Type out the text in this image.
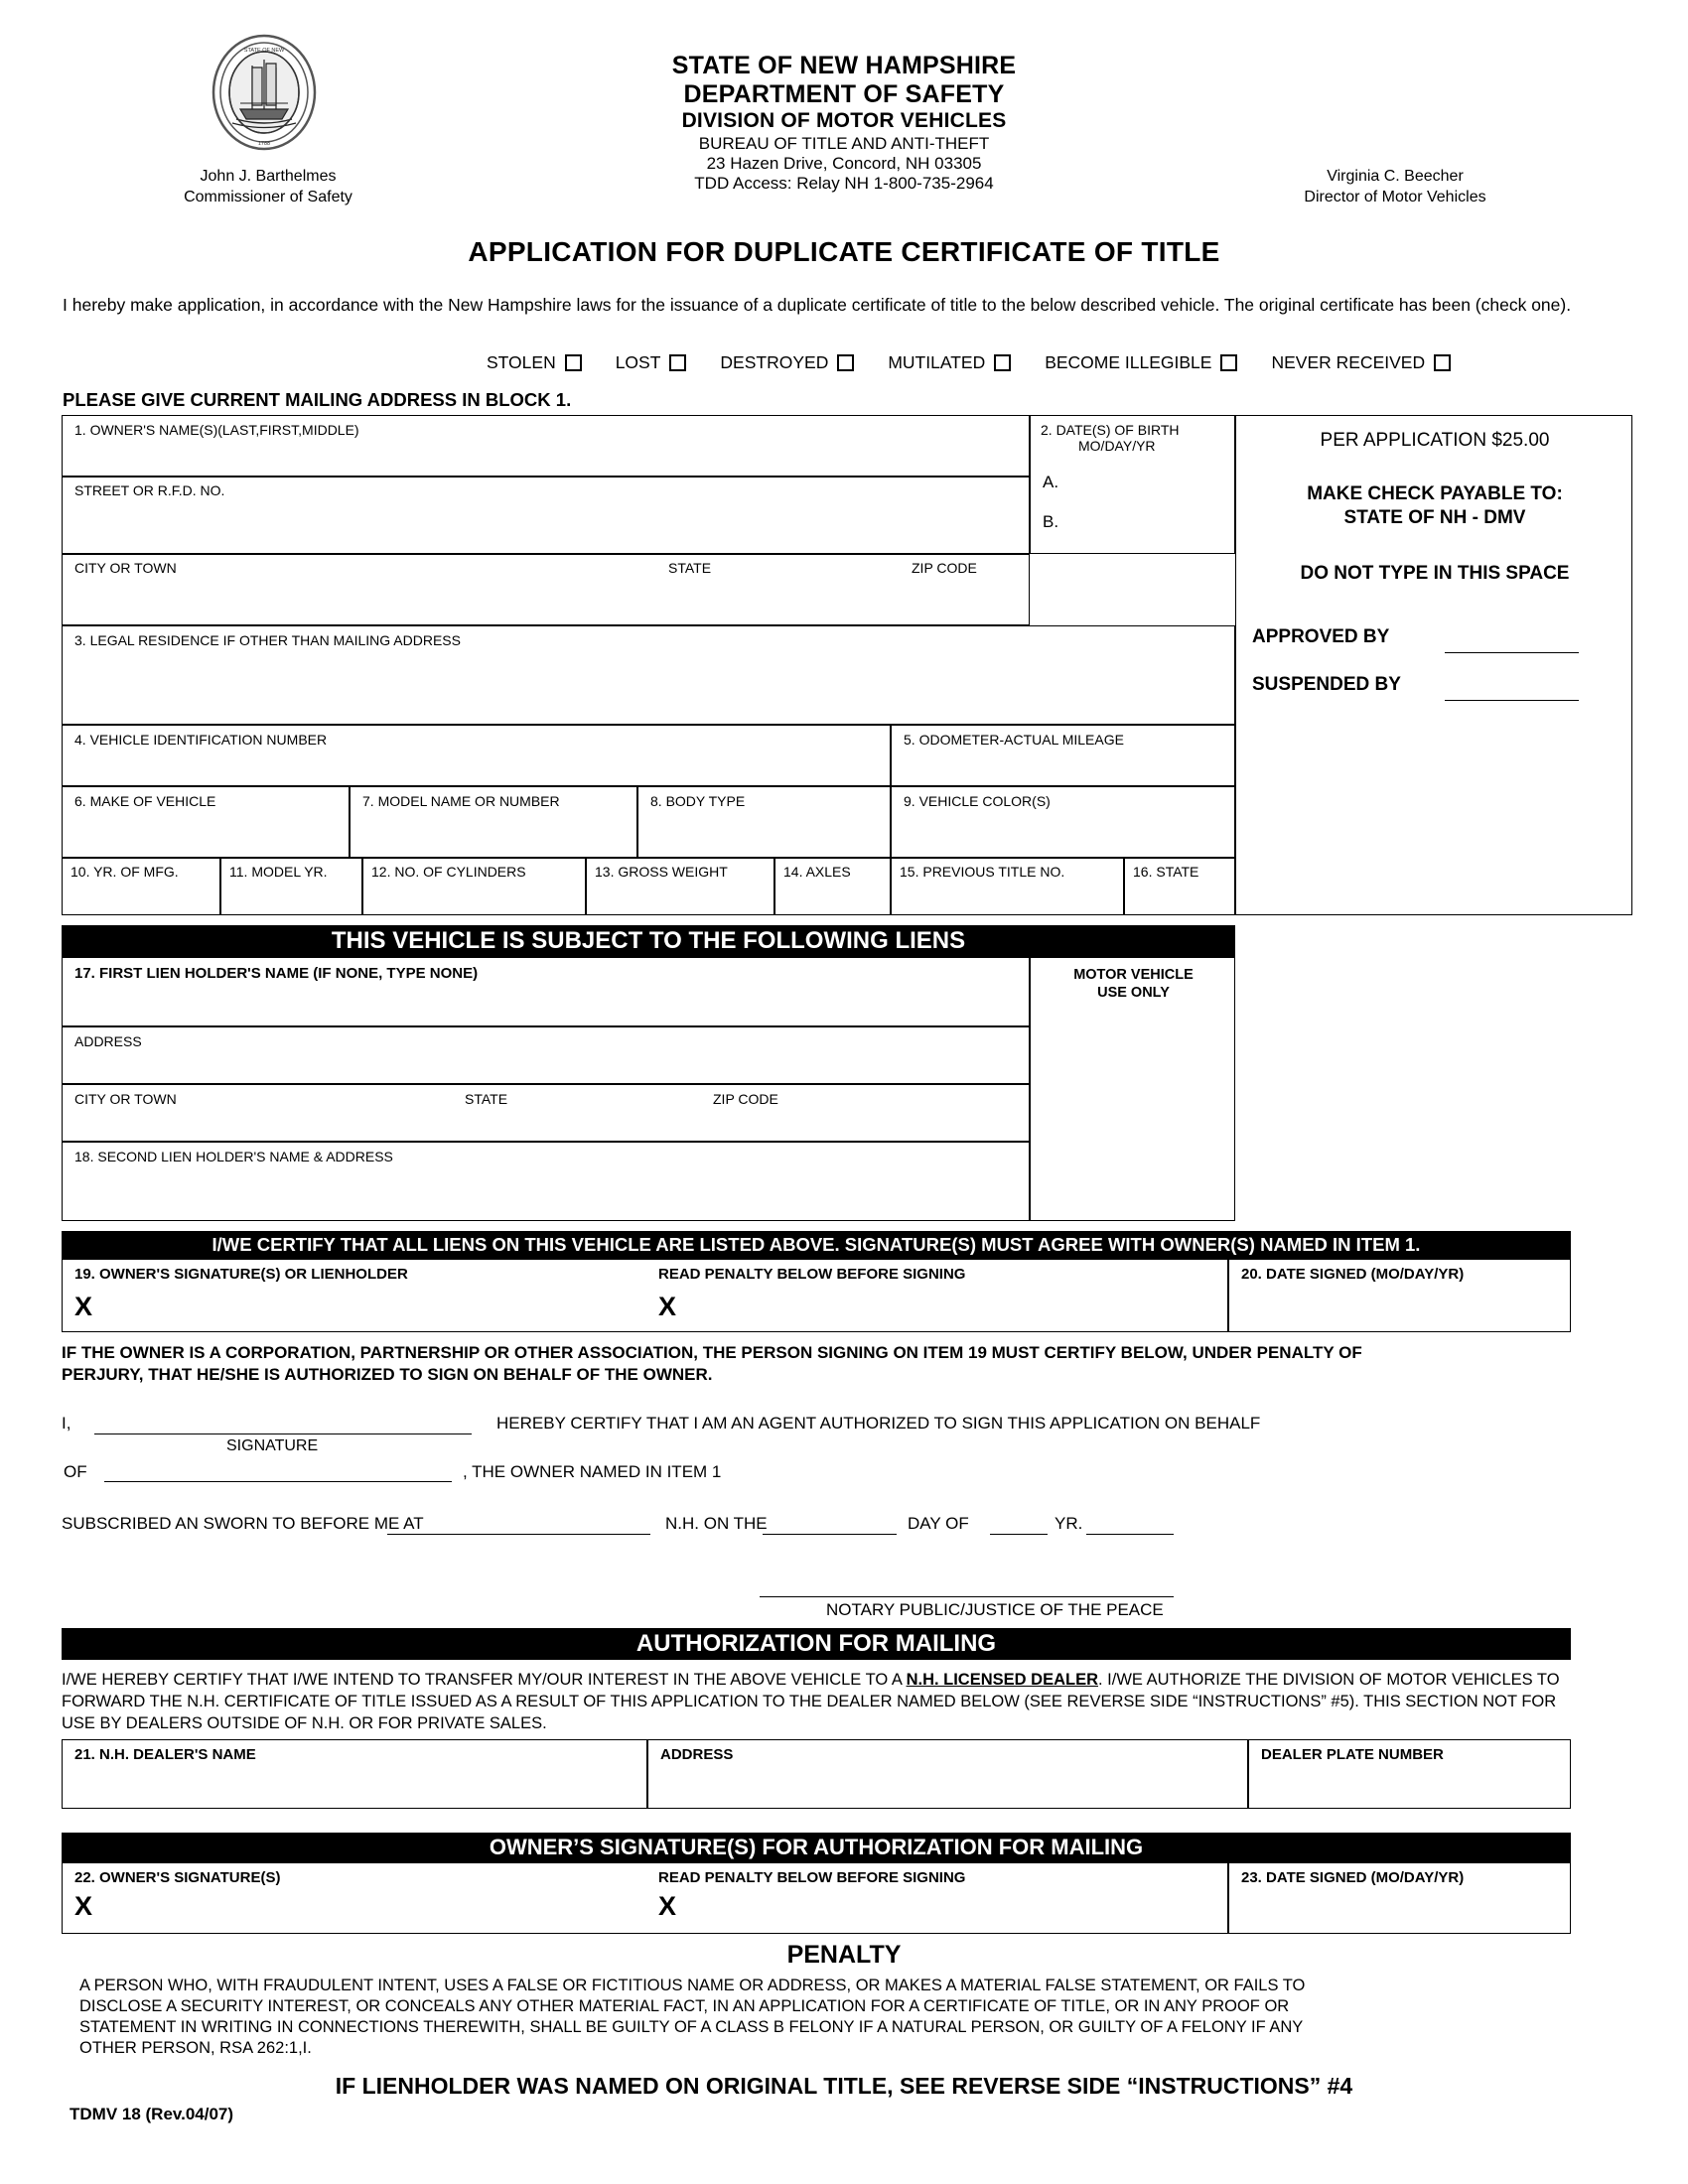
STATE OF NEW
1788
STATE OF NEW HAMPSHIRE
DEPARTMENT OF SAFETY
DIVISION OF MOTOR VEHICLES
BUREAU OF TITLE AND ANTI-THEFT
23 Hazen Drive, Concord, NH 03305
TDD Access: Relay NH 1-800-735-2964
John J. Barthelmes
Commissioner of Safety
Virginia C. Beecher
Director of Motor Vehicles
APPLICATION FOR DUPLICATE CERTIFICATE OF TITLE
I hereby make application, in accordance with the New Hampshire laws for the issuance of a duplicate certificate of title to the below described vehicle. The original certificate has been (check one).
STOLEN	LOST	DESTROYED	MUTILATED	BECOME ILLEGIBLE	NEVER RECEIVED
PLEASE GIVE CURRENT MAILING ADDRESS IN BLOCK 1.
1. OWNER'S NAME(S)(LAST,FIRST,MIDDLE)
STREET OR R.F.D. NO.
CITY OR TOWN	STATE	ZIP CODE
3. LEGAL RESIDENCE IF OTHER THAN MAILING ADDRESS
2. DATE(S) OF BIRTH
MO/DAY/YR
A.
B.
4. VEHICLE IDENTIFICATION NUMBER	5. ODOMETER-ACTUAL MILEAGE
6. MAKE OF VEHICLE	7. MODEL NAME OR NUMBER	8. BODY TYPE	9. VEHICLE COLOR(S)
10. YR. OF MFG.	11. MODEL YR.	12. NO. OF CYLINDERS	13. GROSS WEIGHT	14. AXLES	15. PREVIOUS TITLE NO.	16. STATE
PER APPLICATION $25.00
MAKE CHECK PAYABLE TO:
STATE OF NH - DMV
DO NOT TYPE IN THIS SPACE
APPROVED BY
SUSPENDED BY
THIS VEHICLE IS SUBJECT TO THE FOLLOWING LIENS
17. FIRST LIEN HOLDER'S NAME (IF NONE, TYPE NONE)
ADDRESS
CITY OR TOWN	STATE	ZIP CODE
18. SECOND LIEN HOLDER'S NAME & ADDRESS
MOTOR VEHICLE
USE ONLY
I/WE CERTIFY THAT ALL LIENS ON THIS VEHICLE ARE LISTED ABOVE. SIGNATURE(S) MUST AGREE WITH OWNER(S) NAMED IN ITEM 1.
19. OWNER'S SIGNATURE(S) OR LIENHOLDER	READ PENALTY BELOW BEFORE SIGNING
X	X
20. DATE SIGNED (MO/DAY/YR)
IF THE OWNER IS A CORPORATION, PARTNERSHIP OR OTHER ASSOCIATION, THE PERSON SIGNING ON ITEM 19 MUST CERTIFY BELOW, UNDER PENALTY OF
PERJURY, THAT HE/SHE IS AUTHORIZED TO SIGN ON BEHALF OF THE OWNER.
I,
SIGNATURE
HEREBY CERTIFY THAT I AM AN AGENT AUTHORIZED TO SIGN THIS APPLICATION ON BEHALF
OF	, THE OWNER NAMED IN ITEM 1
SUBSCRIBED AN SWORN TO BEFORE ME AT	N.H. ON THE	DAY OF	YR.
NOTARY PUBLIC/JUSTICE OF THE PEACE
AUTHORIZATION FOR MAILING
I/WE HEREBY CERTIFY THAT I/WE INTEND TO TRANSFER MY/OUR INTEREST IN THE ABOVE VEHICLE TO A N.H. LICENSED DEALER. I/WE AUTHORIZE THE DIVISION OF MOTOR VEHICLES TO FORWARD THE N.H. CERTIFICATE OF TITLE ISSUED AS A RESULT OF THIS APPLICATION TO THE DEALER NAMED BELOW (SEE REVERSE SIDE “INSTRUCTIONS” #5). THIS SECTION NOT FOR USE BY DEALERS OUTSIDE OF N.H. OR FOR PRIVATE SALES.
21. N.H. DEALER'S NAME	ADDRESS	DEALER PLATE NUMBER
OWNER’S SIGNATURE(S) FOR AUTHORIZATION FOR MAILING
22. OWNER'S SIGNATURE(S)	READ PENALTY BELOW BEFORE SIGNING
X	X
23. DATE SIGNED (MO/DAY/YR)
PENALTY
A PERSON WHO, WITH FRAUDULENT INTENT, USES A FALSE OR FICTITIOUS NAME OR ADDRESS, OR MAKES A MATERIAL FALSE STATEMENT, OR FAILS TO
DISCLOSE A SECURITY INTEREST, OR CONCEALS ANY OTHER MATERIAL FACT, IN AN APPLICATION FOR A CERTIFICATE OF TITLE, OR IN ANY PROOF OR
STATEMENT IN WRITING IN CONNECTIONS THEREWITH, SHALL BE GUILTY OF A CLASS B FELONY IF A NATURAL PERSON, OR GUILTY OF A FELONY IF ANY
OTHER PERSON, RSA 262:1,I.
IF LIENHOLDER WAS NAMED ON ORIGINAL TITLE, SEE REVERSE SIDE “INSTRUCTIONS” #4
TDMV 18 (Rev.04/07)
